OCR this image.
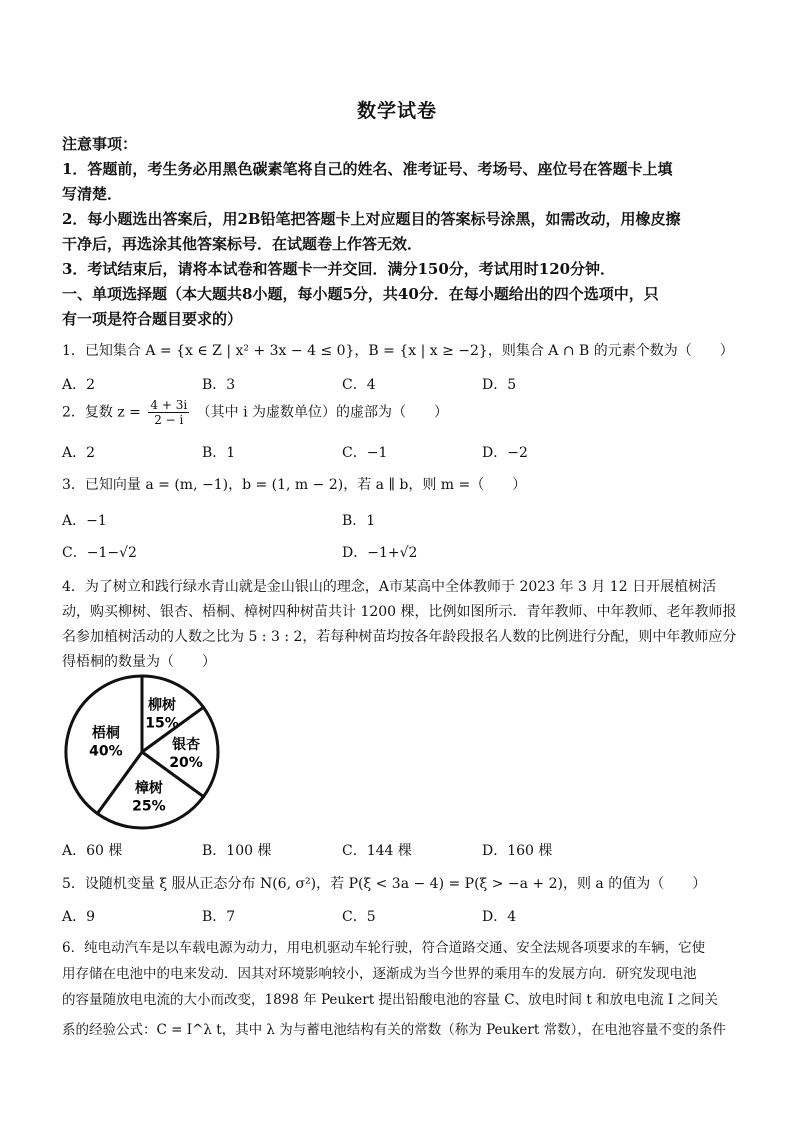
数学试卷
注意事项：
1．答题前，考生务必用黑色碳素笔将自己的姓名、准考证号、考场号、座位号在答题卡上填
写清楚．
2．每小题选出答案后，用2B铅笔把答题卡上对应题目的答案标号涂黑，如需改动，用橡皮擦
干净后，再选涂其他答案标号．在试题卷上作答无效．
3．考试结束后，请将本试卷和答题卡一并交回．满分150分，考试用时120分钟．
一、单项选择题（本大题共8小题，每小题5分，共40分．在每小题给出的四个选项中，只
有一项是符合题目要求的）
1．已知集合 A = {x ∈ Z | x² + 3x − 4 ≤ 0}，B = {x | x ≥ −2}，则集合 A ∩ B 的元素个数为（　　）
A．2	B．3	C．4	D．5
2．复数 $z = \frac{4 + 3i}{2 - i}$ （其中 i 为虚数单位）的虚部为（　　）
A．2	B．1	C．−1	D．−2
3．已知向量 a = (m, −1)，b = (1, m − 2)，若 a ∥ b，则 m =（　　）
A．−1	B．1
C．−1−√2	D．−1+√2
4．为了树立和践行绿水青山就是金山银山的理念，A市某高中全体教师于 2023 年 3 月 12 日开展植树活
动，购买柳树、银杏、梧桐、樟树四种树苗共计 1200 棵，比例如图所示．青年教师、中年教师、老年教师报
名参加植树活动的人数之比为 5 : 3 : 2，若每种树苗均按各年龄段报名人数的比例进行分配，则中年教师应分
得梧桐的数量为（　　）
柳树
15%
银杏
20%
樟树
25%
梧桐
40%
A．60 棵	B．100 棵	C．144 棵	D．160 棵
5．设随机变量 ξ 服从正态分布 N(6, σ²)，若 P(ξ < 3a − 4) = P(ξ > −a + 2)，则 a 的值为（　　）
A．9	B．7	C．5	D．4
6．纯电动汽车是以车载电源为动力，用电机驱动车轮行驶，符合道路交通、安全法规各项要求的车辆，它使
用存储在电池中的电来发动．因其对环境影响较小，逐渐成为当今世界的乘用车的发展方向．研究发现电池
的容量随放电电流的大小而改变，1898 年 Peukert 提出铅酸电池的容量 C、放电时间 t 和放电电流 I 之间关
系的经验公式：C = I^λ t，其中 λ 为与蓄电池结构有关的常数（称为 Peukert 常数），在电池容量不变的条件
